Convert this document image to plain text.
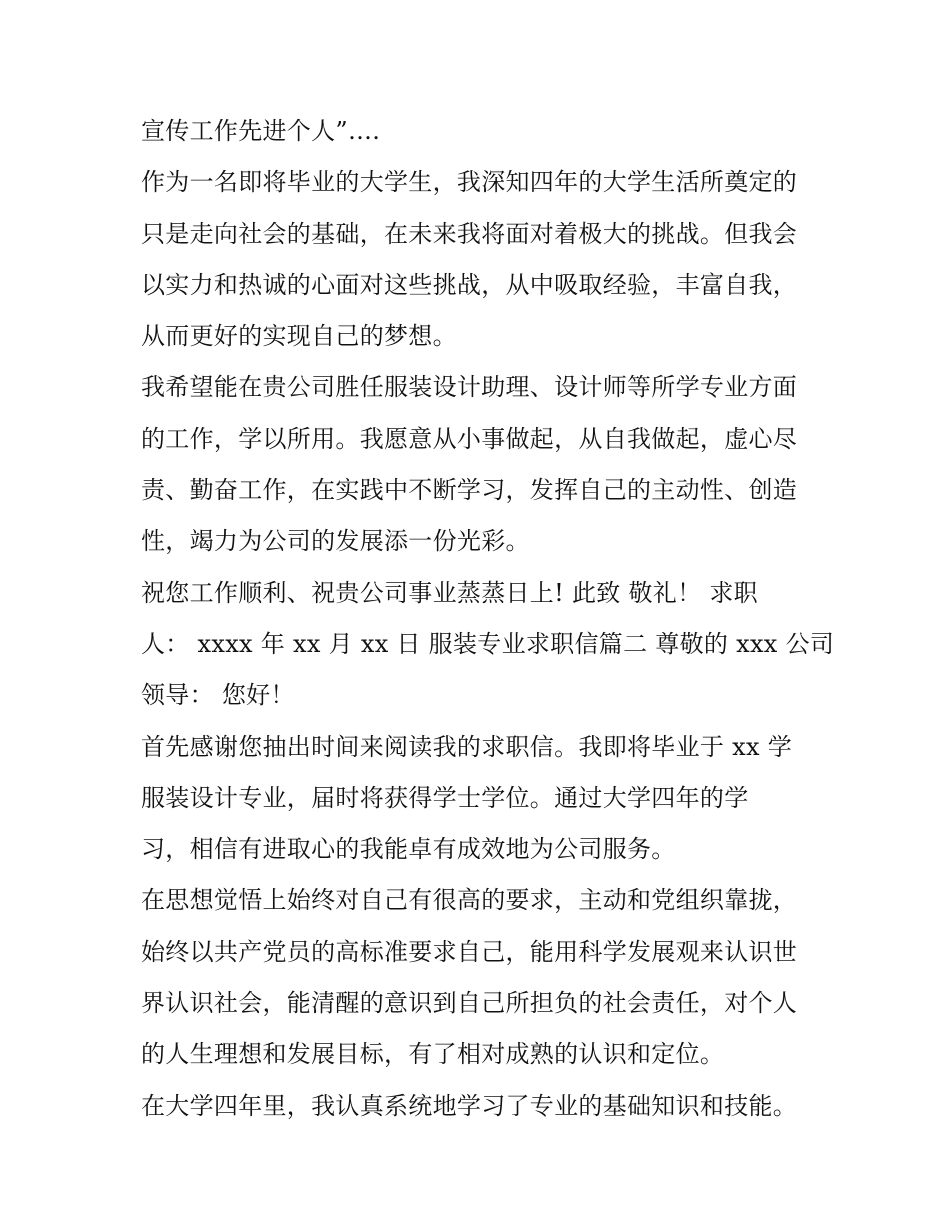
宣传工作先进个人”….
作为一名即将毕业的大学生，我深知四年的大学生活所奠定的
只是走向社会的基础，在未来我将面对着极大的挑战。但我会
以实力和热诚的心面对这些挑战，从中吸取经验，丰富自我，
从而更好的实现自己的梦想。
我希望能在贵公司胜任服装设计助理、设计师等所学专业方面
的工作，学以所用。我愿意从小事做起，从自我做起，虚心尽
责、勤奋工作，在实践中不断学习，发挥自己的主动性、创造
性，竭力为公司的发展添一份光彩。
祝您工作顺利、祝贵公司事业蒸蒸日上! 此致 敬礼！ 求职
人： xxxx 年 xx 月 xx 日 服装专业求职信篇二 尊敬的 xxx 公司
领导： 您好！
首先感谢您抽出时间来阅读我的求职信。我即将毕业于 xx 学
服装设计专业，届时将获得学士学位。通过大学四年的学
习，相信有进取心的我能卓有成效地为公司服务。
在思想觉悟上始终对自己有很高的要求，主动和党组织靠拢，
始终以共产党员的高标准要求自己，能用科学发展观来认识世
界认识社会，能清醒的意识到自己所担负的社会责任，对个人
的人生理想和发展目标，有了相对成熟的认识和定位。
在大学四年里，我认真系统地学习了专业的基础知识和技能。
